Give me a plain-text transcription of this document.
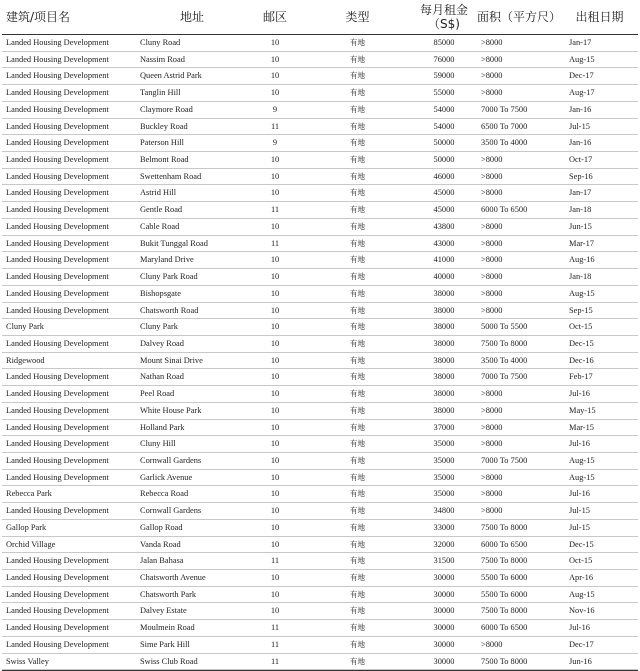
建筑/项目名	地址	邮区	类型	每月租金（S$)	面积（平方尺）	出租日期
Landed Housing Development	Cluny Road	10	有地	85000	>8000	Jan-17
Landed Housing Development	Nassim Road	10	有地	76000	>8000	Aug-15
Landed Housing Development	Queen Astrid Park	10	有地	59000	>8000	Dec-17
Landed Housing Development	Tanglin Hill	10	有地	55000	>8000	Aug-17
Landed Housing Development	Claymore Road	9	有地	54000	7000 To 7500	Jan-16
Landed Housing Development	Buckley Road	11	有地	54000	6500 To 7000	Jul-15
Landed Housing Development	Paterson Hill	9	有地	50000	3500 To 4000	Jan-16
Landed Housing Development	Belmont Road	10	有地	50000	>8000	Oct-17
Landed Housing Development	Swettenham Road	10	有地	46000	>8000	Sep-16
Landed Housing Development	Astrid Hill	10	有地	45000	>8000	Jan-17
Landed Housing Development	Gentle Road	11	有地	45000	6000 To 6500	Jan-18
Landed Housing Development	Cable Road	10	有地	43800	>8000	Jun-15
Landed Housing Development	Bukit Tunggal Road	11	有地	43000	>8000	Mar-17
Landed Housing Development	Maryland Drive	10	有地	41000	>8000	Aug-16
Landed Housing Development	Cluny Park Road	10	有地	40000	>8000	Jan-18
Landed Housing Development	Bishopsgate	10	有地	38000	>8000	Aug-15
Landed Housing Development	Chatsworth Road	10	有地	38000	>8000	Sep-15
Cluny Park	Cluny Park	10	有地	38000	5000 To 5500	Oct-15
Landed Housing Development	Dalvey Road	10	有地	38000	7500 To 8000	Dec-15
Ridgewood	Mount Sinai Drive	10	有地	38000	3500 To 4000	Dec-16
Landed Housing Development	Nathan Road	10	有地	38000	7000 To 7500	Feb-17
Landed Housing Development	Peel Road	10	有地	38000	>8000	Jul-16
Landed Housing Development	White House Park	10	有地	38000	>8000	May-15
Landed Housing Development	Holland Park	10	有地	37000	>8000	Mar-15
Landed Housing Development	Cluny Hill	10	有地	35000	>8000	Jul-16
Landed Housing Development	Cornwall Gardens	10	有地	35000	7000 To 7500	Aug-15
Landed Housing Development	Garlick Avenue	10	有地	35000	>8000	Aug-15
Rebecca Park	Rebecca Road	10	有地	35000	>8000	Jul-16
Landed Housing Development	Cornwall Gardens	10	有地	34800	>8000	Jul-15
Gallop Park	Gallop Road	10	有地	33000	7500 To 8000	Jul-15
Orchid Village	Vanda Road	10	有地	32000	6000 To 6500	Dec-15
Landed Housing Development	Jalan Bahasa	11	有地	31500	7500 To 8000	Oct-15
Landed Housing Development	Chatsworth Avenue	10	有地	30000	5500 To 6000	Apr-16
Landed Housing Development	Chatsworth Park	10	有地	30000	5500 To 6000	Aug-15
Landed Housing Development	Dalvey Estate	10	有地	30000	7500 To 8000	Nov-16
Landed Housing Development	Moulmein Road	11	有地	30000	6000 To 6500	Jul-16
Landed Housing Development	Sime Park Hill	11	有地	30000	>8000	Dec-17
Swiss Valley	Swiss Club Road	11	有地	30000	7500 To 8000	Jun-16
